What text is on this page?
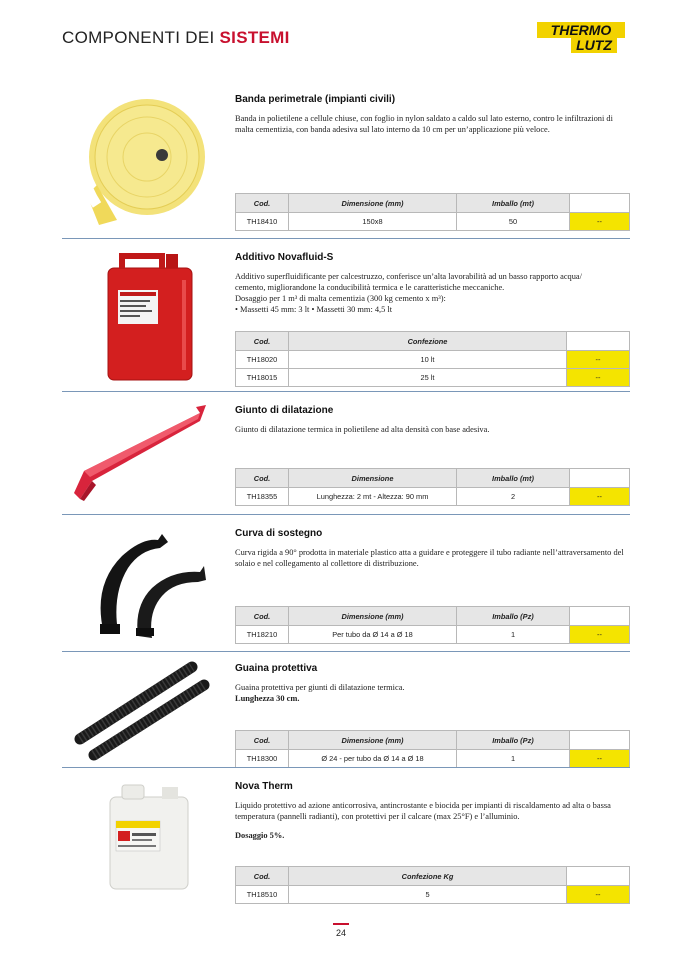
COMPONENTI DEI SISTEMI	THERMO
LUTZ

Banda perimetrale (impianti civili)

Banda in polietilene a cellule chiuse, con foglio in nylon saldato a caldo sul lato esterno, contro le infiltrazioni di malta cementizia, con banda adesiva sul lato interno da 10 cm per un’applicazione più veloce.

Cod.	Dimensione (mm)	Imballo (mt)	
TH18410	150x8	50	--

Additivo Novafluid-S

Additivo superfluidificante per calcestruzzo, conferisce un’alta lavorabilità ad un basso rapporto acqua/
cemento, migliorandone la conducibilità termica e le caratteristiche meccaniche.
Dosaggio per 1 m³ di malta cementizia (300 kg cemento x m³):
• Massetti 45 mm: 3 lt • Massetti 30 mm: 4,5 lt

Cod.	Confezione	
TH18020	10 lt	--
TH18015	25 lt	--

Giunto di dilatazione

Giunto di dilatazione termica in polietilene ad alta densità con base adesiva.

Cod.	Dimensione	Imballo (mt)	
TH18355	Lunghezza: 2 mt - Altezza: 90 mm	2	--

Curva di sostegno

Curva rigida a 90° prodotta in materiale plastico atta a guidare e proteggere il tubo radiante nell’attraversamento del solaio e nel collegamento al collettore di distribuzione.

Cod.	Dimensione (mm)	Imballo (Pz)	
TH18210	Per tubo da Ø 14 a Ø 18	1	--

Guaina protettiva

Guaina protettiva per giunti di dilatazione termica.
Lunghezza 30 cm.

Cod.	Dimensione (mm)	Imballo (Pz)	
TH18300	Ø 24 - per tubo da Ø 14 a Ø 18	1	--

Nova Therm

Liquido protettivo ad azione anticorrosiva, antincrostante e biocida per impianti di riscaldamento ad alta o bassa temperatura (pannelli radianti), con protettivi per il calcare (max 25°F) e l’alluminio.

Dosaggio 5%.

Cod.	Confezione Kg	
TH18510	5	--
24
